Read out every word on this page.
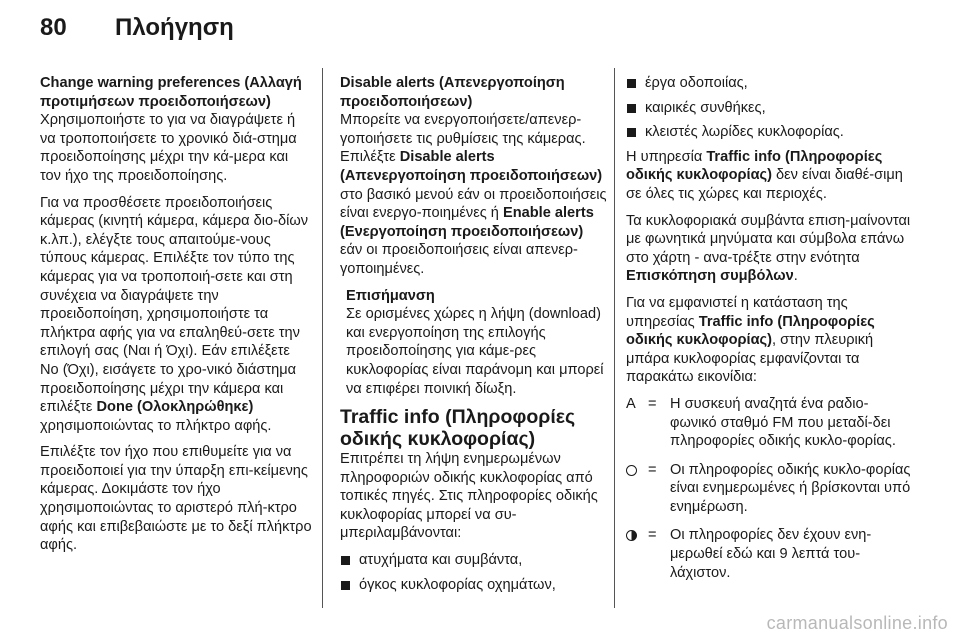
80	Πλοήγηση

Change warning preferences (Αλλαγή προτιμήσεων προειδοποιήσεων)

Χρησιμοποιήστε το για να διαγράψετε ή να τροποποιήσετε το χρονικό διά-στημα προειδοποίησης μέχρι την κά-μερα και τον ήχο της προειδοποίησης.

Για να προσθέσετε προειδοποιήσεις κάμερας (κινητή κάμερα, κάμερα διο-δίων κ.λπ.), ελέγξτε τους απαιτούμε-νους τύπους κάμερας. Επιλέξτε τον τύπο της κάμερας για να τροποποιή-σετε και στη συνέχεια να διαγράψετε την προειδοποίηση, χρησιμοποιήστε τα πλήκτρα αφής για να επαληθεύ-σετε την επιλογή σας (Ναι ή Όχι). Εάν επιλέξετε Νο (Όχι), εισάγετε το χρο-νικό διάστημα προειδοποίησης μέχρι την κάμερα και επιλέξτε Done (Ολοκληρώθηκε) χρησιμοποιώντας το πλήκτρο αφής.

Επιλέξτε τον ήχο που επιθυμείτε για να προειδοποιεί για την ύπαρξη επι-κείμενης κάμερας. Δοκιμάστε τον ήχο χρησιμοποιώντας το αριστερό πλή-κτρο αφής και επιβεβαιώστε με το δεξί πλήκτρο αφής.

Disable alerts (Απενεργοποίηση προειδοποιήσεων)

Μπορείτε να ενεργοποιήσετε/απενερ-γοποιήσετε τις ρυθμίσεις της κάμερας. Επιλέξτε Disable alerts (Απενεργοποίηση προειδοποιήσεων) στο βασικό μενού εάν οι προειδοποιήσεις είναι ενεργο-ποιημένες ή Enable alerts (Ενεργοποίηση προειδοποιήσεων) εάν οι προειδοποιήσεις είναι απενερ-γοποιημένες.

Επισήμανση
Σε ορισμένες χώρες η λήψη (download) και ενεργοποίηση της επιλογής προειδοποίησης για κάμε-ρες κυκλοφορίας είναι παράνομη και μπορεί να επιφέρει ποινική δίωξη.

Traffic info (Πληροφορίες οδικής κυκλοφορίας)

Επιτρέπει τη λήψη ενημερωμένων πληροφοριών οδικής κυκλοφορίας από τοπικές πηγές. Στις πληροφορίες οδικής κυκλοφορίας μπορεί να συ-μπεριλαμβάνονται:

ατυχήματα και συμβάντα,
όγκος κυκλοφορίας οχημάτων,
έργα οδοποιίας,
καιρικές συνθήκες,
κλειστές λωρίδες κυκλοφορίας.

Η υπηρεσία Traffic info (Πληροφορίες οδικής κυκλοφορίας) δεν είναι διαθέ-σιμη σε όλες τις χώρες και περιοχές.

Τα κυκλοφοριακά συμβάντα επιση-μαίνονται με φωνητικά μηνύματα και σύμβολα επάνω στο χάρτη - ανα-τρέξτε στην ενότητα Επισκόπηση συμβόλων.

Για να εμφανιστεί η κατάσταση της υπηρεσίας Traffic info (Πληροφορίες οδικής κυκλοφορίας), στην πλευρική μπάρα κυκλοφορίας εμφανίζονται τα παρακάτω εικονίδια:

A = Η συσκευή αναζητά ένα ραδιο-φωνικό σταθμό FM που μεταδί-δει πληροφορίες οδικής κυκλο-φορίας.
= Οι πληροφορίες οδικής κυκλο-φορίας είναι ενημερωμένες ή βρίσκονται υπό ενημέρωση.
= Οι πληροφορίες δεν έχουν ενη-μερωθεί εδώ και 9 λεπτά του-λάχιστον.
carmanualsonline.info
